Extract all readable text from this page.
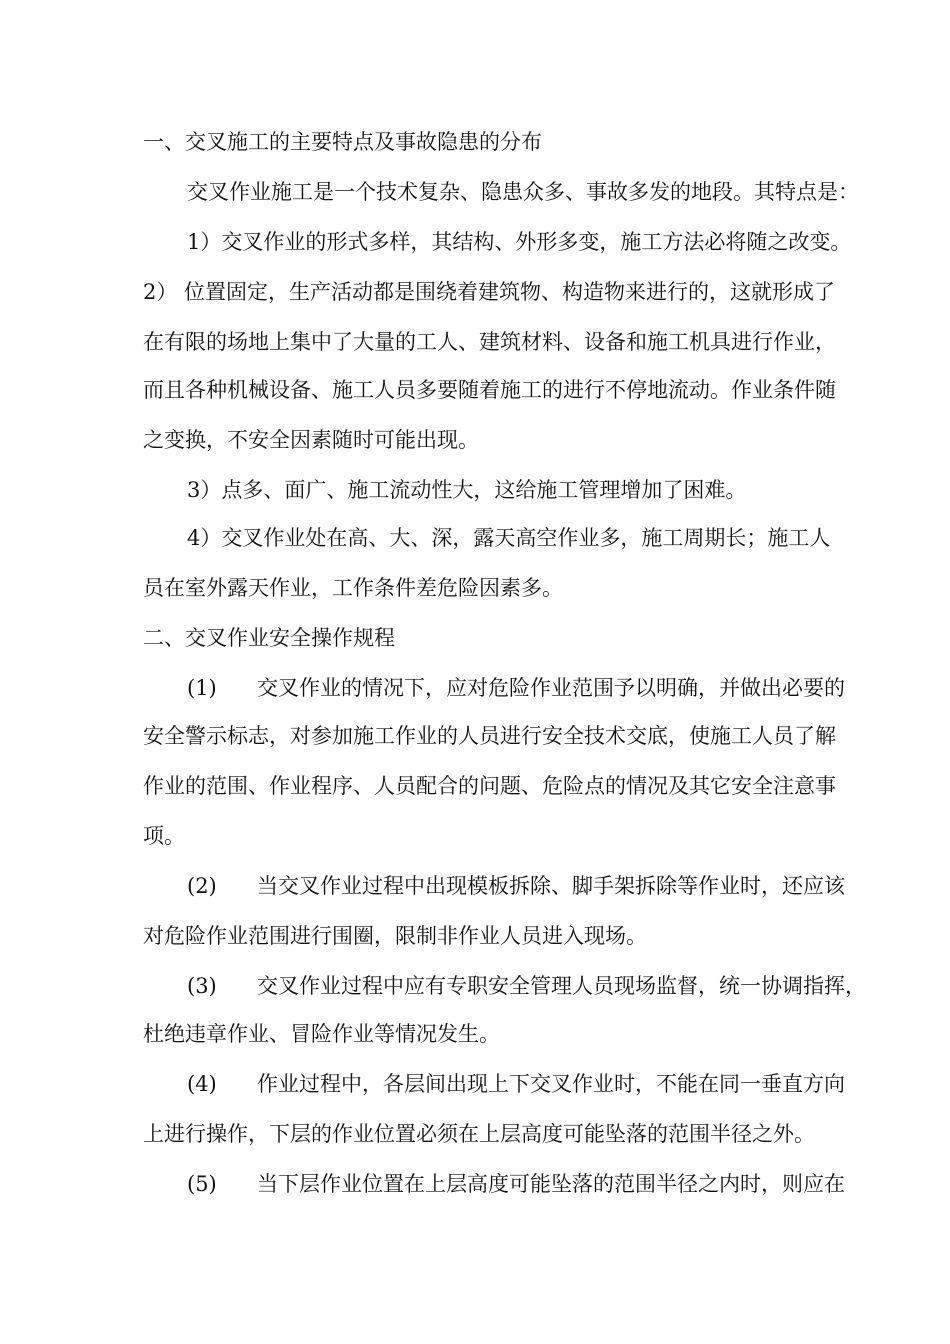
一、交叉施工的主要特点及事故隐患的分布
交叉作业施工是一个技术复杂、隐患众多、事故多发的地段。其特点是：
1）交叉作业的形式多样，其结构、外形多变，施工方法必将随之改变。
2） 位置固定，生产活动都是围绕着建筑物、构造物来进行的，这就形成了
在有限的场地上集中了大量的工人、建筑材料、设备和施工机具进行作业，
而且各种机械设备、施工人员多要随着施工的进行不停地流动。作业条件随
之变换，不安全因素随时可能出现。
3）点多、面广、施工流动性大，这给施工管理增加了困难。
4）交叉作业处在高、大、深，露天高空作业多，施工周期长；施工人
员在室外露天作业，工作条件差危险因素多。
二、交叉作业安全操作规程
(1) 交叉作业的情况下，应对危险作业范围予以明确，并做出必要的
安全警示标志，对参加施工作业的人员进行安全技术交底，使施工人员了解
作业的范围、作业程序、人员配合的问题、危险点的情况及其它安全注意事
项。
(2) 当交叉作业过程中出现模板拆除、脚手架拆除等作业时，还应该
对危险作业范围进行围圈，限制非作业人员进入现场。
(3) 交叉作业过程中应有专职安全管理人员现场监督，统一协调指挥，
杜绝违章作业、冒险作业等情况发生。
(4) 作业过程中，各层间出现上下交叉作业时，不能在同一垂直方向
上进行操作，下层的作业位置必须在上层高度可能坠落的范围半径之外。
(5) 当下层作业位置在上层高度可能坠落的范围半径之内时，则应在
